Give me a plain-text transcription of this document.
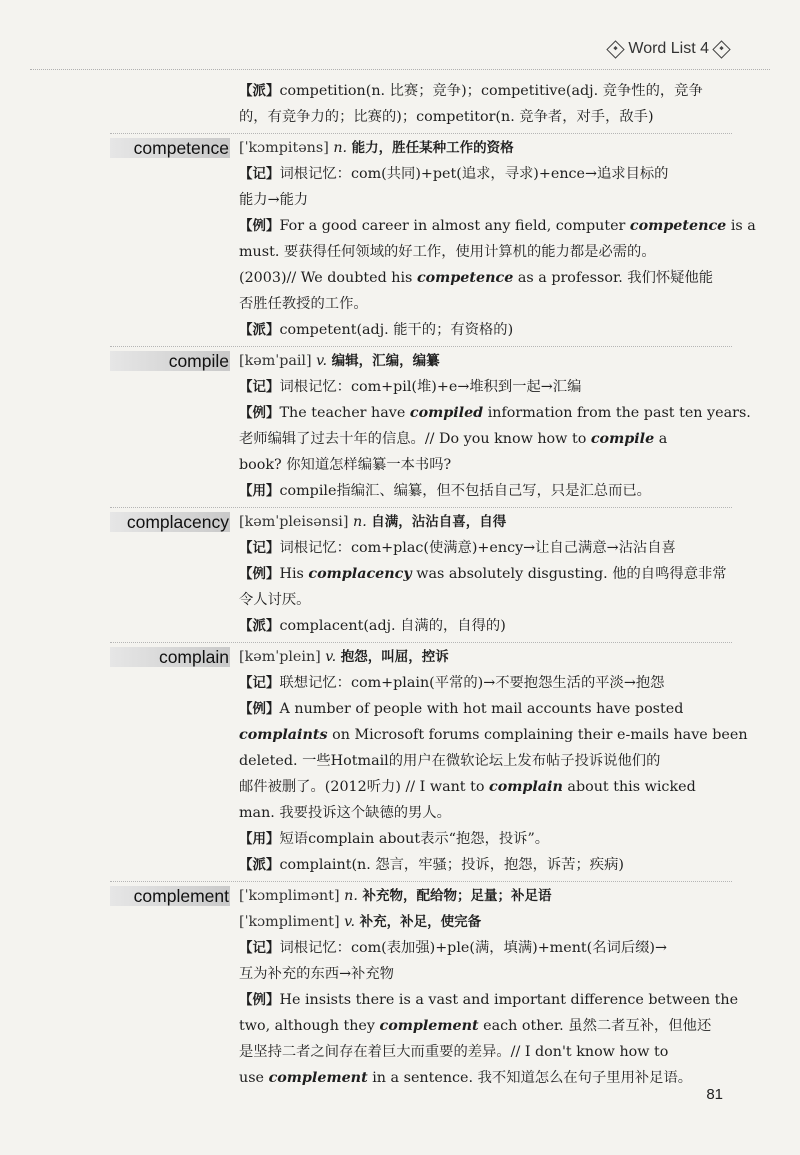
Word List 4
【派】competition(n. 比赛；竞争)；competitive(adj. 竞争性的，竞争
的，有竞争力的；比赛的)；competitor(n. 竞争者，对手，敌手)
competence [ˈkɔmpitəns] n. 能力，胜任某种工作的资格
【记】词根记忆：com(共同)+pet(追求，寻求)+ence→追求目标的
能力→能力
【例】For a good career in almost any field, computer competence is a
must. 要获得任何领域的好工作，使用计算机的能力都是必需的。
(2003)// We doubted his competence as a professor. 我们怀疑他能
否胜任教授的工作。
【派】competent(adj. 能干的；有资格的)
compile [kəmˈpail] v. 编辑，汇编，编纂
【记】词根记忆：com+pil(堆)+e→堆积到一起→汇编
【例】The teacher have compiled information from the past ten years.
老师编辑了过去十年的信息。// Do you know how to compile a
book? 你知道怎样编纂一本书吗?
【用】compile指编汇、编纂，但不包括自己写，只是汇总而已。
complacency [kəmˈpleisənsi] n. 自满，沾沾自喜，自得
【记】词根记忆：com+plac(使满意)+ency→让自己满意→沾沾自喜
【例】His complacency was absolutely disgusting. 他的自鸣得意非常
令人讨厌。
【派】complacent(adj. 自满的，自得的)
complain [kəmˈplein] v. 抱怨，叫屈，控诉
【记】联想记忆：com+plain(平常的)→不要抱怨生活的平淡→抱怨
【例】A number of people with hot mail accounts have posted
complaints on Microsoft forums complaining their e-mails have been
deleted. 一些Hotmail的用户在微软论坛上发布帖子投诉说他们的
邮件被删了。(2012听力) // I want to complain about this wicked
man. 我要投诉这个缺德的男人。
【用】短语complain about表示“抱怨，投诉”。
【派】complaint(n. 怨言，牢骚；投诉，抱怨，诉苦；疾病)
complement [ˈkɔmplimənt] n. 补充物，配给物；足量；补足语
[ˈkɔmpliment] v. 补充，补足，使完备
【记】词根记忆：com(表加强)+ple(满，填满)+ment(名词后缀)→
互为补充的东西→补充物
【例】He insists there is a vast and important difference between the
two, although they complement each other. 虽然二者互补，但他还
是坚持二者之间存在着巨大而重要的差异。// I don't know how to
use complement in a sentence. 我不知道怎么在句子里用补足语。
81
